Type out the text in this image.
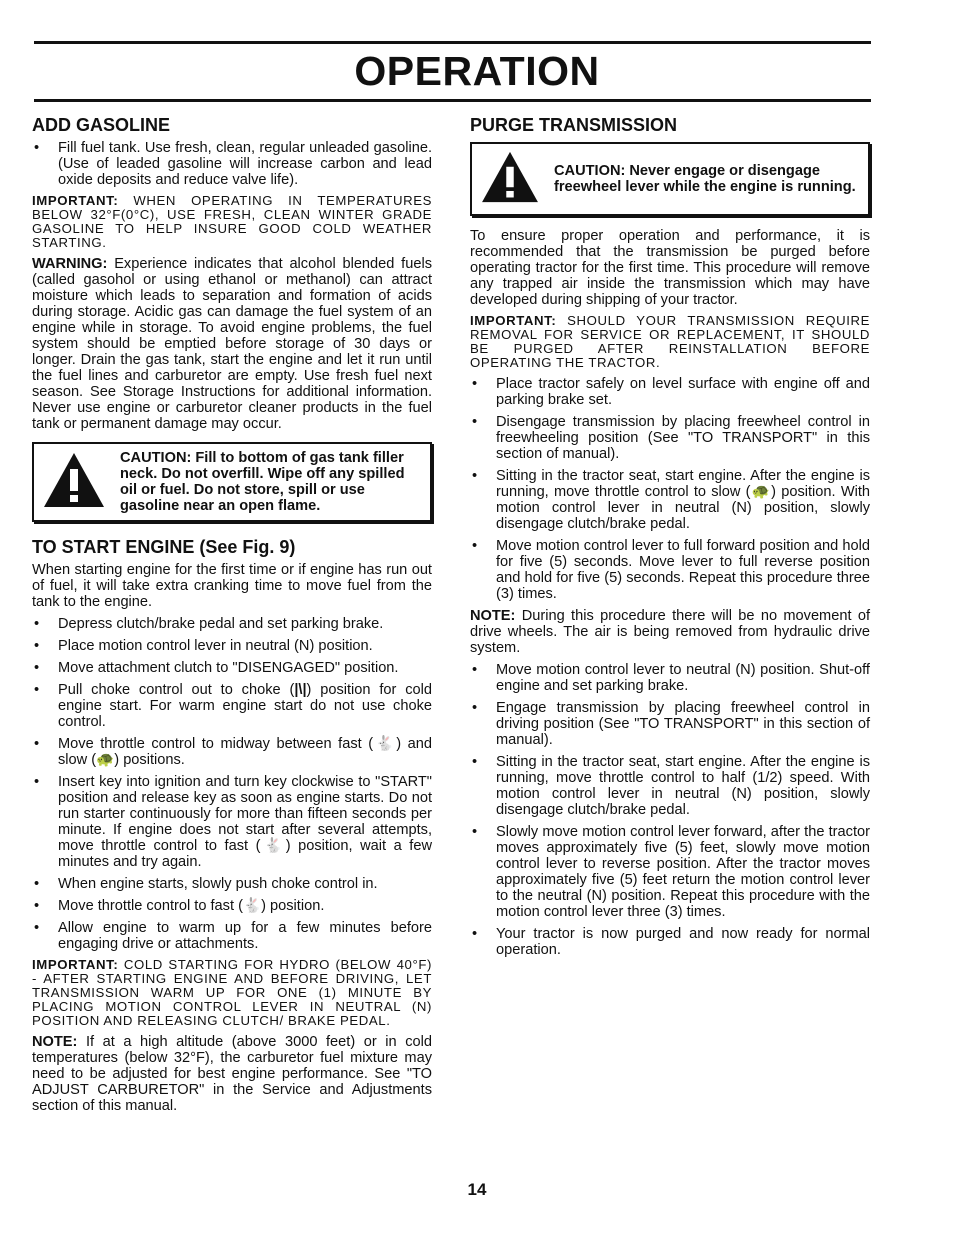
OPERATION
ADD GASOLINE
• Fill fuel tank. Use fresh, clean, regular unleaded gasoline. (Use of leaded gasoline will increase carbon and lead oxide deposits and reduce valve life).

IMPORTANT: WHEN OPERATING IN TEMPERATURES BELOW 32°F(0°C), USE FRESH, CLEAN WINTER GRADE GASOLINE TO HELP INSURE GOOD COLD WEATHER STARTING.

WARNING: Experience indicates that alcohol blended fuels (called gasohol or using ethanol or methanol) can attract moisture which leads to separation and formation of acids during storage. Acidic gas can damage the fuel system of an engine while in storage. To avoid engine problems, the fuel system should be emptied before storage of 30 days or longer. Drain the gas tank, start the engine and let it run until the fuel lines and carburetor are empty. Use fresh fuel next season. See Storage Instructions for additional information. Never use engine or carburetor cleaner products in the fuel tank or permanent damage may occur.

CAUTION: Fill to bottom of gas tank filler neck. Do not overfill. Wipe off any spilled oil or fuel. Do not store, spill or use gasoline near an open flame.
TO START ENGINE (See Fig. 9)

When starting engine for the first time or if engine has run out of fuel, it will take extra cranking time to move fuel from the tank to the engine.

• Depress clutch/brake pedal and set parking brake.
• Place motion control lever in neutral (N) position.
• Move attachment clutch to "DISENGAGED" position.
• Pull choke control out to choke (|\|) position for cold engine start. For warm engine start do not use choke control.
• Move throttle control to midway between fast (🐇) and slow (🐢) positions.
• Insert key into ignition and turn key clockwise to "START" position and release key as soon as engine starts. Do not run starter continuously for more than fifteen seconds per minute. If engine does not start after several attempts, move throttle control to fast (🐇) position, wait a few minutes and try again.
• When engine starts, slowly push choke control in.
• Move throttle control to fast (🐇) position.
• Allow engine to warm up for a few minutes before engaging drive or attachments.

IMPORTANT: COLD STARTING FOR HYDRO (BELOW 40°F) - AFTER STARTING ENGINE AND BEFORE DRIVING, LET TRANSMISSION WARM UP FOR ONE (1) MINUTE BY PLACING MOTION CONTROL LEVER IN NEUTRAL (N) POSITION AND RELEASING CLUTCH/ BRAKE PEDAL.

NOTE: If at a high altitude (above 3000 feet) or in cold temperatures (below 32°F), the carburetor fuel mixture may need to be adjusted for best engine performance. See "TO ADJUST CARBURETOR" in the Service and Adjustments section of this manual.

PURGE TRANSMISSION
CAUTION: Never engage or disengage freewheel lever while the engine is running.

To ensure proper operation and performance, it is recommended that the transmission be purged before operating tractor for the first time. This procedure will remove any trapped air inside the transmission which may have developed during shipping of your tractor.

IMPORTANT: SHOULD YOUR TRANSMISSION REQUIRE REMOVAL FOR SERVICE OR REPLACEMENT, IT SHOULD BE PURGED AFTER REINSTALLATION BEFORE OPERATING THE TRACTOR.

• Place tractor safely on level surface with engine off and parking brake set.
• Disengage transmission by placing freewheel control in freewheeling position (See "TO TRANSPORT" in this section of manual).
• Sitting in the tractor seat, start engine. After the engine is running, move throttle control to slow (🐢) position. With motion control lever in neutral (N) position, slowly disengage clutch/brake pedal.
• Move motion control lever to full forward position and hold for five (5) seconds. Move lever to full reverse position and hold for five (5) seconds. Repeat this procedure three (3) times.

NOTE: During this procedure there will be no movement of drive wheels. The air is being removed from hydraulic drive system.

• Move motion control lever to neutral (N) position. Shut-off engine and set parking brake.
• Engage transmission by placing freewheel control in driving position (See "TO TRANSPORT" in this section of manual).
• Sitting in the tractor seat, start engine. After the engine is running, move throttle control to half (1/2) speed. With motion control lever in neutral (N) position, slowly disengage clutch/brake pedal.
• Slowly move motion control lever forward, after the tractor moves approximately five (5) feet, slowly move motion control lever to reverse position. After the tractor moves approximately five (5) feet return the motion control lever to the neutral (N) position. Repeat this procedure with the motion control lever three (3) times.
• Your tractor is now purged and now ready for normal operation.
14
